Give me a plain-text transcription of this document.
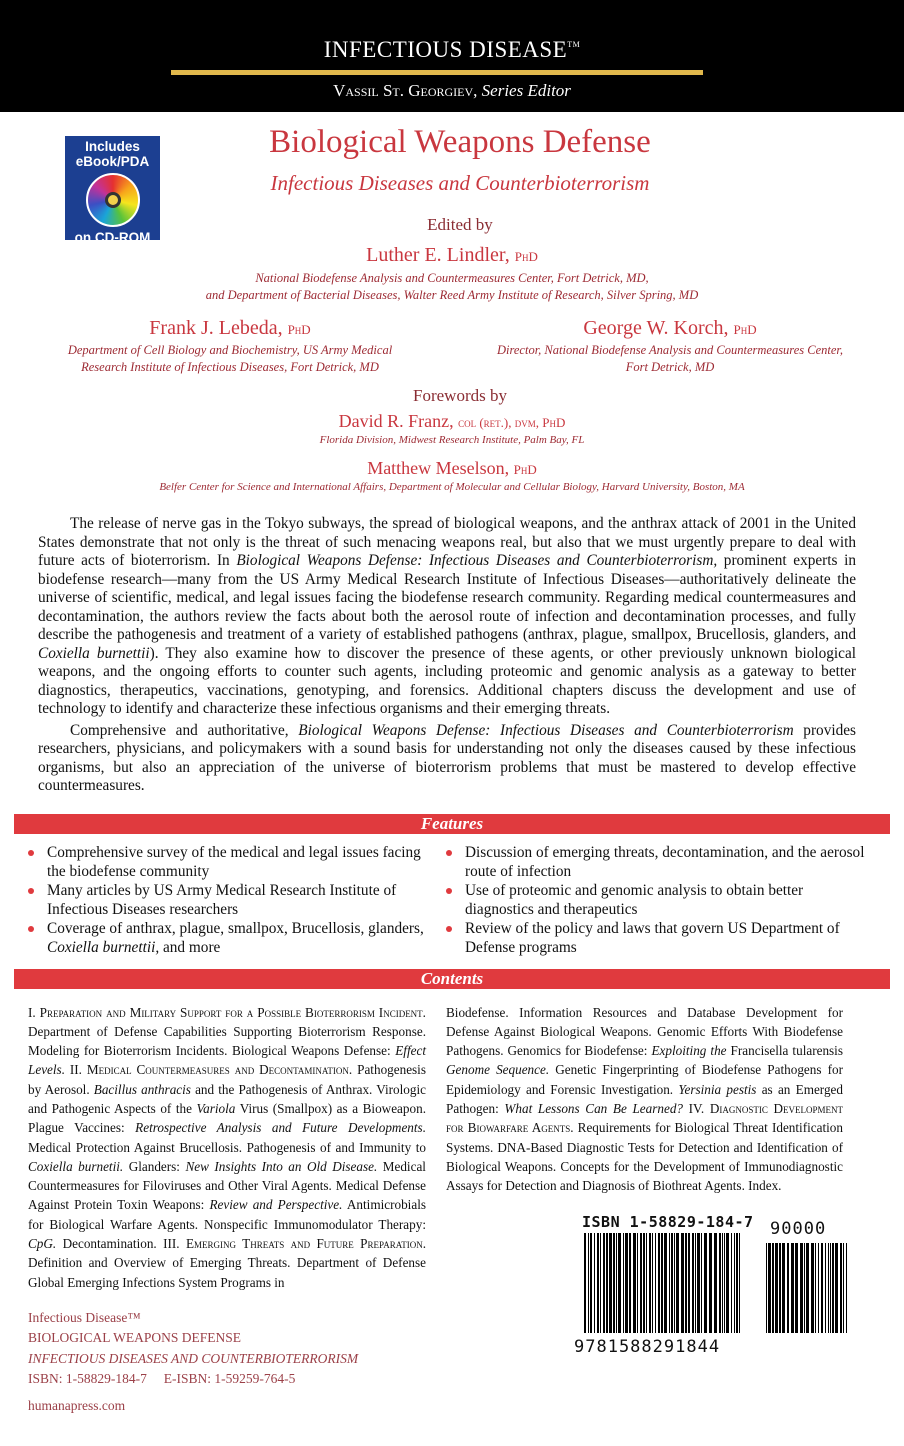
INFECTIOUS DISEASE™
Vassil St. Georgiev, Series Editor
Includes
eBook/PDA
on CD-ROM
Biological Weapons Defense
Infectious Diseases and Counterbioterrorism
Edited by
Luther E. Lindler, PhD
National Biodefense Analysis and Countermeasures Center, Fort Detrick, MD,
and Department of Bacterial Diseases, Walter Reed Army Institute of Research, Silver Spring, MD
Frank J. Lebeda, PhD
Department of Cell Biology and Biochemistry, US Army Medical
Research Institute of Infectious Diseases, Fort Detrick, MD
George W. Korch, PhD
Director, National Biodefense Analysis and Countermeasures Center,
Fort Detrick, MD
Forewords by
David R. Franz, col (ret.), dvm, PhD
Florida Division, Midwest Research Institute, Palm Bay, FL
Matthew Meselson, PhD
Belfer Center for Science and International Affairs, Department of Molecular and Cellular Biology, Harvard University, Boston, MA

The release of nerve gas in the Tokyo subways, the spread of biological weapons, and the anthrax attack of 2001 in the United States demonstrate that not only is the threat of such menacing weapons real, but also that we must urgently prepare to deal with future acts of bioterrorism. In Biological Weapons Defense: Infectious Diseases and Counterbioterrorism, prominent experts in biodefense research—many from the US Army Medical Research Institute of Infectious Diseases—authoritatively delineate the universe of scientific, medical, and legal issues facing the biodefense research community. Regarding medical countermeasures and decontamination, the authors review the facts about both the aerosol route of infection and decontamination processes, and fully describe the pathogenesis and treatment of a variety of established pathogens (anthrax, plague, smallpox, Brucellosis, glanders, and Coxiella burnettii). They also examine how to discover the presence of these agents, or other previously unknown biological weapons, and the ongoing efforts to counter such agents, including proteomic and genomic analysis as a gateway to better diagnostics, therapeutics, vaccinations, genotyping, and forensics. Additional chapters discuss the development and use of technology to identify and characterize these infectious organisms and their emerging threats.

Comprehensive and authoritative, Biological Weapons Defense: Infectious Diseases and Counterbioterrorism provides researchers, physicians, and policymakers with a sound basis for understanding not only the diseases caused by these infectious organisms, but also an appreciation of the universe of bioterrorism problems that must be mastered to develop effective countermeasures.

Features
Comprehensive survey of the medical and legal issues facing the biodefense community
Many articles by US Army Medical Research Institute of Infectious Diseases researchers
Coverage of anthrax, plague, smallpox, Brucellosis, glanders, Coxiella burnettii, and more
Discussion of emerging threats, decontamination, and the aerosol route of infection
Use of proteomic and genomic analysis to obtain better diagnostics and therapeutics
Review of the policy and laws that govern US Department of Defense programs
Contents
I. Preparation and Military Support for a Possible Bioterrorism Incident. Department of Defense Capabilities Supporting Bioterrorism Response. Modeling for Bioterrorism Incidents. Biological Weapons Defense: Effect Levels. II. Medical Countermeasures and Decontamination. Pathogenesis by Aerosol. Bacillus anthracis and the Pathogenesis of Anthrax. Virologic and Pathogenic Aspects of the Variola Virus (Smallpox) as a Bioweapon. Plague Vaccines: Retrospective Analysis and Future Developments. Medical Protection Against Brucellosis. Pathogenesis of and Immunity to Coxiella burnetii. Glanders: New Insights Into an Old Disease. Medical Countermeasures for Filoviruses and Other Viral Agents. Medical Defense Against Protein Toxin Weapons: Review and Perspective. Antimicrobials for Biological Warfare Agents. Nonspecific Immunomodulator Therapy: CpG. Decontamination. III. Emerging Threats and Future Preparation. Definition and Overview of Emerging Threats. Department of Defense Global Emerging Infections System Programs in
Infectious Disease™
BIOLOGICAL WEAPONS DEFENSE
INFECTIOUS DISEASES AND COUNTERBIOTERRORISM
ISBN: 1-58829-184-7 E-ISBN: 1-59259-764-5
humanapress.com
Biodefense. Information Resources and Database Development for Defense Against Biological Weapons. Genomic Efforts With Biodefense Pathogens. Genomics for Biodefense: Exploiting the Francisella tularensis Genome Sequence. Genetic Fingerprinting of Biodefense Pathogens for Epidemiology and Forensic Investigation. Yersinia pestis as an Emerged Pathogen: What Lessons Can Be Learned? IV. Diagnostic Development for Biowarfare Agents. Requirements for Biological Threat Identification Systems. DNA-Based Diagnostic Tests for Detection and Identification of Biological Weapons. Concepts for the Development of Immunodiagnostic Assays for Detection and Diagnosis of Biothreat Agents. Index.
ISBN 1-58829-184-7
9781588291844
90000
